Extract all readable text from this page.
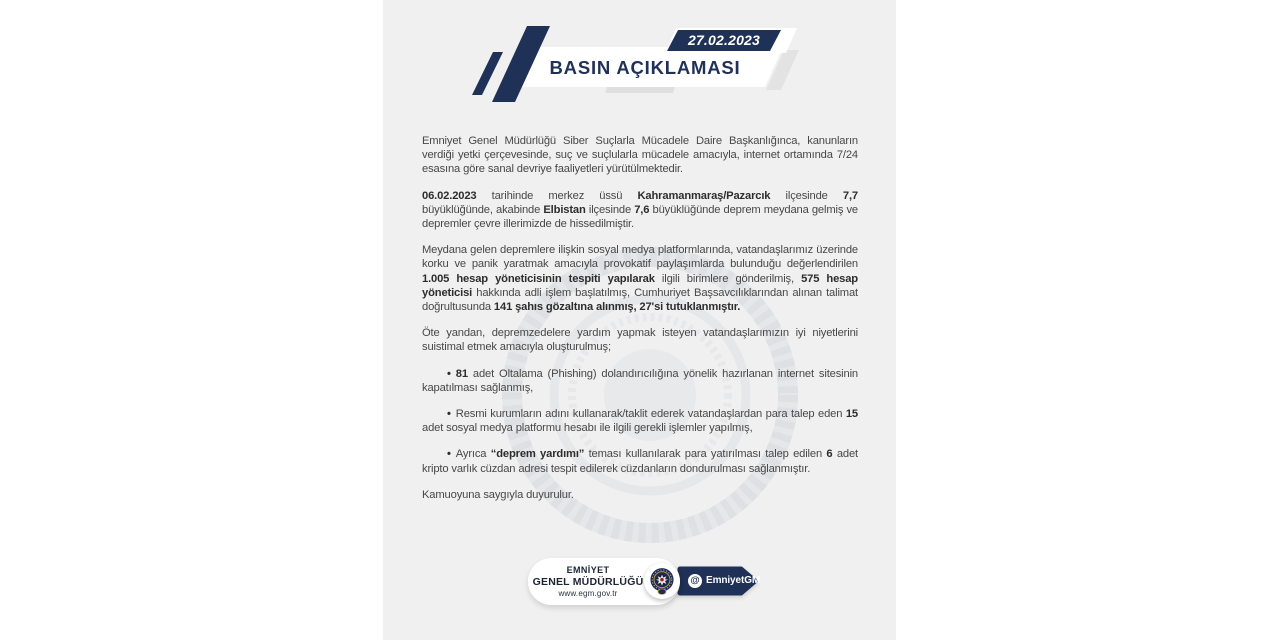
27.02.2023
BASIN AÇIKLAMASI

Emniyet Genel Müdürlüğü Siber Suçlarla Mücadele Daire Başkanlığınca, kanunların verdiği yetki çerçevesinde, suç ve suçlularla mücadele amacıyla, internet ortamında 7/24 esasına göre sanal devriye faaliyetleri yürütülmektedir.

06.02.2023 tarihinde merkez üssü Kahramanmaraş/Pazarcık ilçesinde 7,7 büyüklüğünde, akabinde Elbistan ilçesinde 7,6 büyüklüğünde deprem meydana gelmiş ve depremler çevre illerimizde de hissedilmiştir.

Meydana gelen depremlere ilişkin sosyal medya platformlarında, vatandaşlarımız üzerinde korku ve panik yaratmak amacıyla provokatif paylaşımlarda bulunduğu değerlendirilen 1.005 hesap yöneticisinin tespiti yapılarak ilgili birimlere gönderilmiş, 575 hesap yöneticisi hakkında adli işlem başlatılmış, Cumhuriyet Başsavcılıklarından alınan talimat doğrultusunda 141 şahıs gözaltına alınmış, 27'si tutuklanmıştır.

Öte yandan, depremzedelere yardım yapmak isteyen vatandaşlarımızın iyi niyetlerini suistimal etmek amacıyla oluşturulmuş;

• 81 adet Oltalama (Phishing) dolandırıcılığına yönelik hazırlanan internet sitesinin kapatılması sağlanmış,

• Resmi kurumların adını kullanarak/taklit ederek vatandaşlardan para talep eden 15 adet sosyal medya platformu hesabı ile ilgili gerekli işlemler yapılmış,

• Ayrıca “deprem yardımı” teması kullanılarak para yatırılması talep edilen 6 adet kripto varlık cüzdan adresi tespit edilerek cüzdanların dondurulması sağlanmıştır.

Kamuoyuna saygıyla duyurulur.

EMNİYET
GENEL MÜDÜRLÜĞÜ
www.egm.gov.tr
@ EmniyetGM
